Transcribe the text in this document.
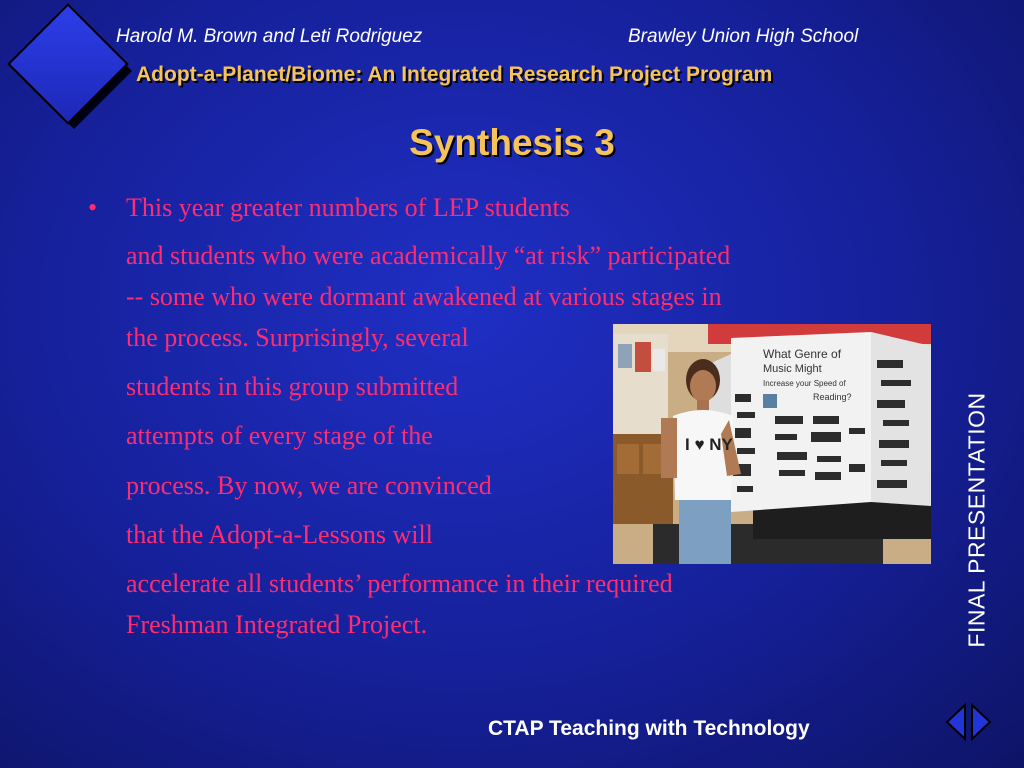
Harold M. Brown and Leti Rodriguez	Brawley Union High School
Adopt-a-Planet/Biome: An Integrated Research Project Program
Synthesis 3
• This year greater numbers of LEP students
and students who were academically “at risk” participated
-- some who were dormant awakened at various stages in
the process. Surprisingly, several
students in this group submitted
attempts of every stage of the
process. By now, we are convinced
that the Adopt-a-Lessons will
accelerate all students’ performance in their required
Freshman Integrated Project.
What Genre of
Music Might
Increase your Speed of
Reading?
I ♥ NY	FINAL PRESENTATION
CTAP Teaching with Technology
